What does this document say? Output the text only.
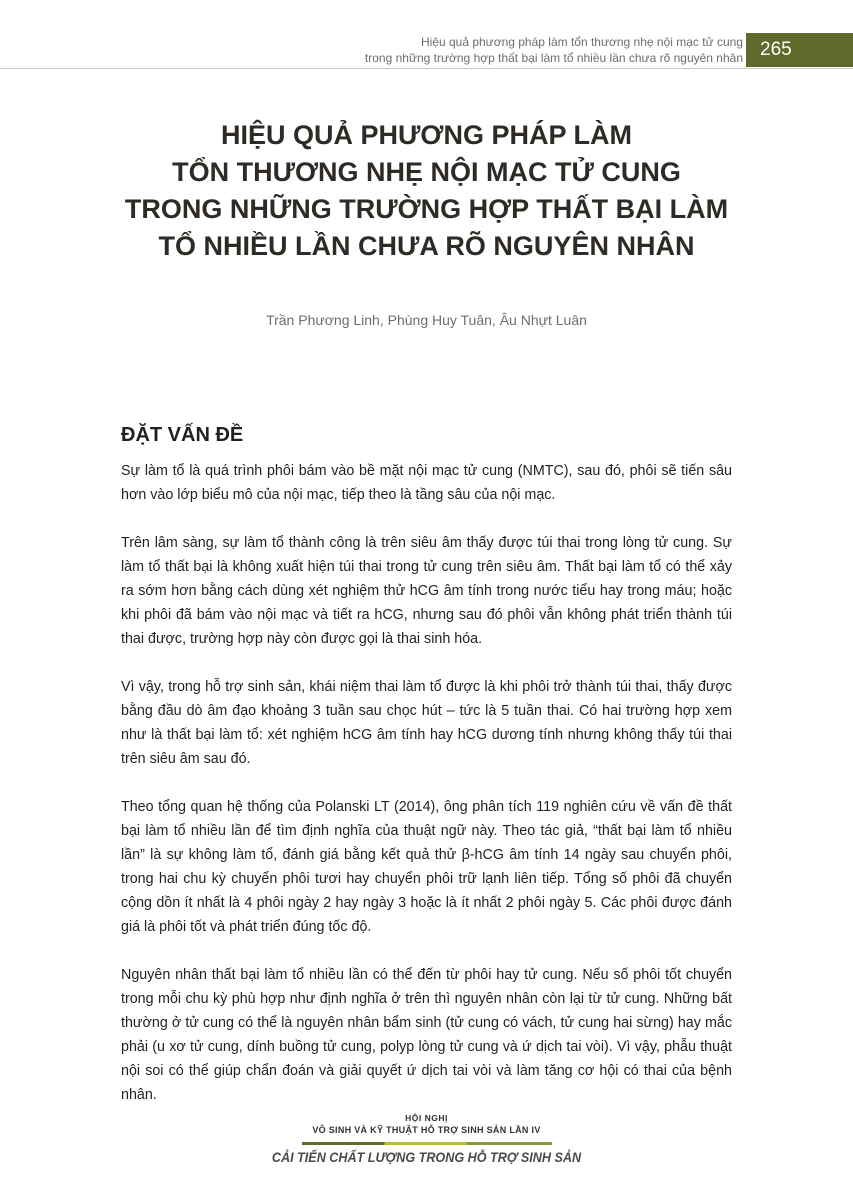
Hiệu quả phương pháp làm tổn thương nhẹ nội mạc tử cung
trong những trường hợp thất bại làm tổ nhiều lần chưa rõ nguyên nhân 265
HIỆU QUẢ PHƯƠNG PHÁP LÀM
TỔN THƯƠNG NHẸ NỘI MẠC TỬ CUNG
TRONG NHỮNG TRƯỜNG HỢP THẤT BẠI LÀM
TỔ NHIỀU LẦN CHƯA RÕ NGUYÊN NHÂN
Trần Phương Linh, Phùng Huy Tuân, Âu Nhựt Luân
ĐẶT VẤN ĐỀ

Sự làm tổ là quá trình phôi bám vào bề mặt nội mạc tử cung (NMTC), sau đó, phôi sẽ tiến sâu hơn vào lớp biểu mô của nội mạc, tiếp theo là tầng sâu của nội mạc.

Trên lâm sàng, sự làm tổ thành công là trên siêu âm thấy được túi thai trong lòng tử cung. Sự làm tổ thất bại là không xuất hiện túi thai trong tử cung trên siêu âm. Thất bại làm tổ có thể xảy ra sớm hơn bằng cách dùng xét nghiệm thử hCG âm tính trong nước tiểu hay trong máu; hoặc khi phôi đã bám vào nội mạc và tiết ra hCG, nhưng sau đó phôi vẫn không phát triển thành túi thai được, trường hợp này còn được gọi là thai sinh hóa.

Vì vậy, trong hỗ trợ sinh sản, khái niệm thai làm tổ được là khi phôi trở thành túi thai, thấy được bằng đầu dò âm đạo khoảng 3 tuần sau chọc hút – tức là 5 tuần thai. Có hai trường hợp xem như là thất bại làm tổ: xét nghiệm hCG âm tính hay hCG dương tính nhưng không thấy túi thai trên siêu âm sau đó.

Theo tổng quan hệ thống của Polanski LT (2014), ông phân tích 119 nghiên cứu về vấn đề thất bại làm tổ nhiều lần để tìm định nghĩa của thuật ngữ này. Theo tác giả, “thất bại làm tổ nhiều lần” là sự không làm tổ, đánh giá bằng kết quả thử β-hCG âm tính 14 ngày sau chuyển phôi, trong hai chu kỳ chuyển phôi tươi hay chuyển phôi trữ lạnh liên tiếp. Tổng số phôi đã chuyển cộng dồn ít nhất là 4 phôi ngày 2 hay ngày 3 hoặc là ít nhất 2 phôi ngày 5. Các phôi được đánh giá là phôi tốt và phát triển đúng tốc độ.

Nguyên nhân thất bại làm tổ nhiều lần có thể đến từ phôi hay tử cung. Nếu số phôi tốt chuyển trong mỗi chu kỳ phù hợp như định nghĩa ở trên thì nguyên nhân còn lại từ tử cung. Những bất thường ở tử cung có thể là nguyên nhân bẩm sinh (tử cung có vách, tử cung hai sừng) hay mắc phải (u xơ tử cung, dính buồng tử cung, polyp lòng tử cung và ứ dịch tai vòi). Vì vậy, phẫu thuật nội soi có thể giúp chẩn đoán và giải quyết ứ dịch tai vòi và làm tăng cơ hội có thai của bệnh nhân.

HỘI NGHỊ
VÔ SINH VÀ KỸ THUẬT HỖ TRỢ SINH SẢN LẦN IV
CẢI TIẾN CHẤT LƯỢNG TRONG HỖ TRỢ SINH SẢN
